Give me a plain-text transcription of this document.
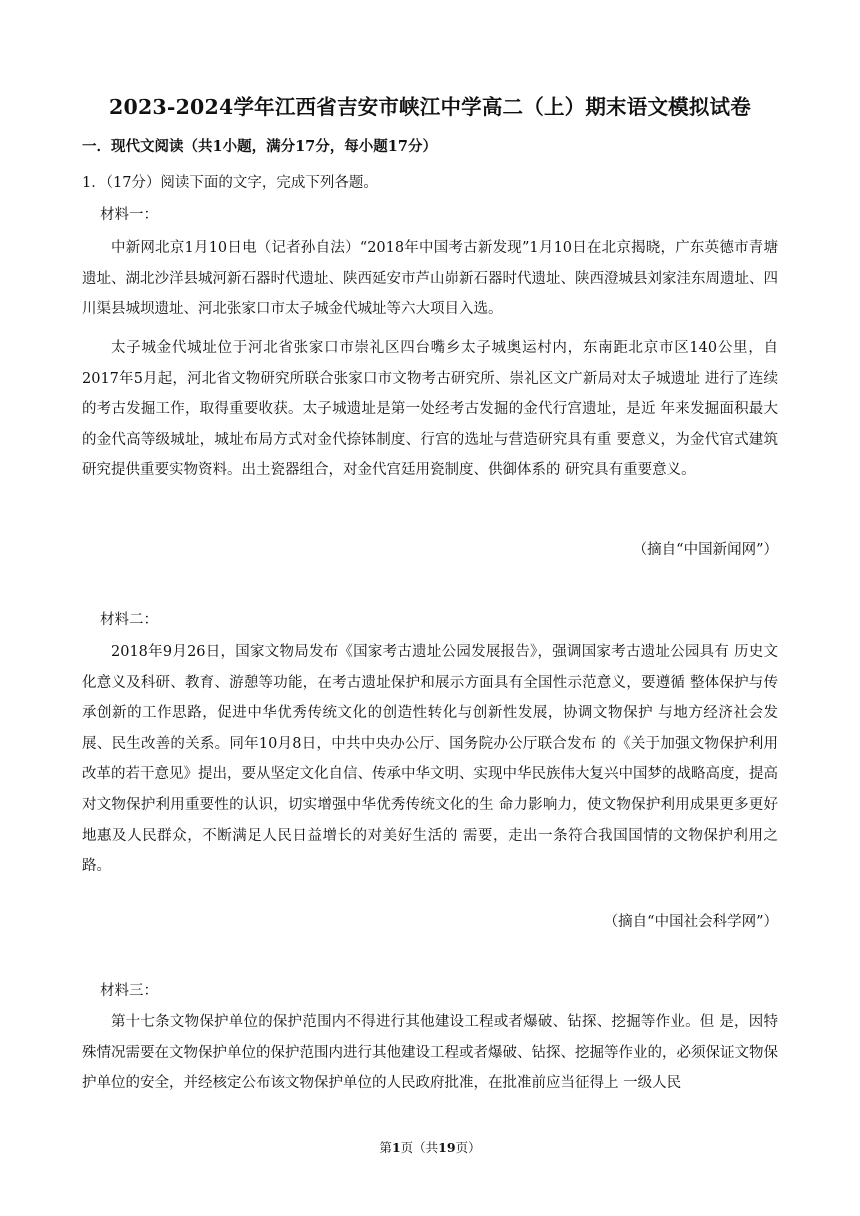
2023-2024学年江西省吉安市峡江中学高二（上）期末语文模拟试卷
一．现代文阅读（共1小题，满分17分，每小题17分）
1．（17分）阅读下面的文字，完成下列各题。
材料一：
中新网北京1月10日电（记者孙自法）“2018年中国考古新发现”1月10日在北京揭晓，广东英德市青塘遗址、湖北沙洋县城河新石器时代遗址、陕西延安市芦山峁新石器时代遗址、陕西澄城县刘家洼东周遗址、四川渠县城坝遗址、河北张家口市太子城金代城址等六大项目入选。
太子城金代城址位于河北省张家口市崇礼区四台嘴乡太子城奥运村内，东南距北京市区140公里，自2017年5月起，河北省文物研究所联合张家口市文物考古研究所、崇礼区文广新局对太子城遗址 进行了连续的考古发掘工作，取得重要收获。太子城遗址是第一处经考古发掘的金代行宫遗址，是近 年来发掘面积最大的金代高等级城址，城址布局方式对金代捺钵制度、行宫的选址与营造研究具有重 要意义，为金代官式建筑研究提供重要实物资料。出土瓷器组合，对金代宫廷用瓷制度、供御体系的 研究具有重要意义。
（摘自“中国新闻网”）
材料二：
2018年9月26日，国家文物局发布《国家考古遗址公园发展报告》，强调国家考古遗址公园具有 历史文化意义及科研、教育、游憩等功能，在考古遗址保护和展示方面具有全国性示范意义，要遵循 整体保护与传承创新的工作思路，促进中华优秀传统文化的创造性转化与创新性发展，协调文物保护 与地方经济社会发展、民生改善的关系。同年10月8日，中共中央办公厅、国务院办公厅联合发布 的《关于加强文物保护利用改革的若干意见》提出，要从坚定文化自信、传承中华文明、实现中华民族伟大复兴中国梦的战略高度，提高对文物保护利用重要性的认识，切实增强中华优秀传统文化的生 命力影响力，使文物保护利用成果更多更好地惠及人民群众，不断满足人民日益增长的对美好生活的 需要，走出一条符合我国国情的文物保护利用之路。
（摘自“中国社会科学网”）
材料三：
第十七条文物保护单位的保护范围内不得进行其他建设工程或者爆破、钻探、挖掘等作业。但 是，因特殊情况需要在文物保护单位的保护范围内进行其他建设工程或者爆破、钻探、挖掘等作业的，必须保证文物保护单位的安全，并经核定公布该文物保护单位的人民政府批准，在批准前应当征得上 一级人民
第1页（共19页）
